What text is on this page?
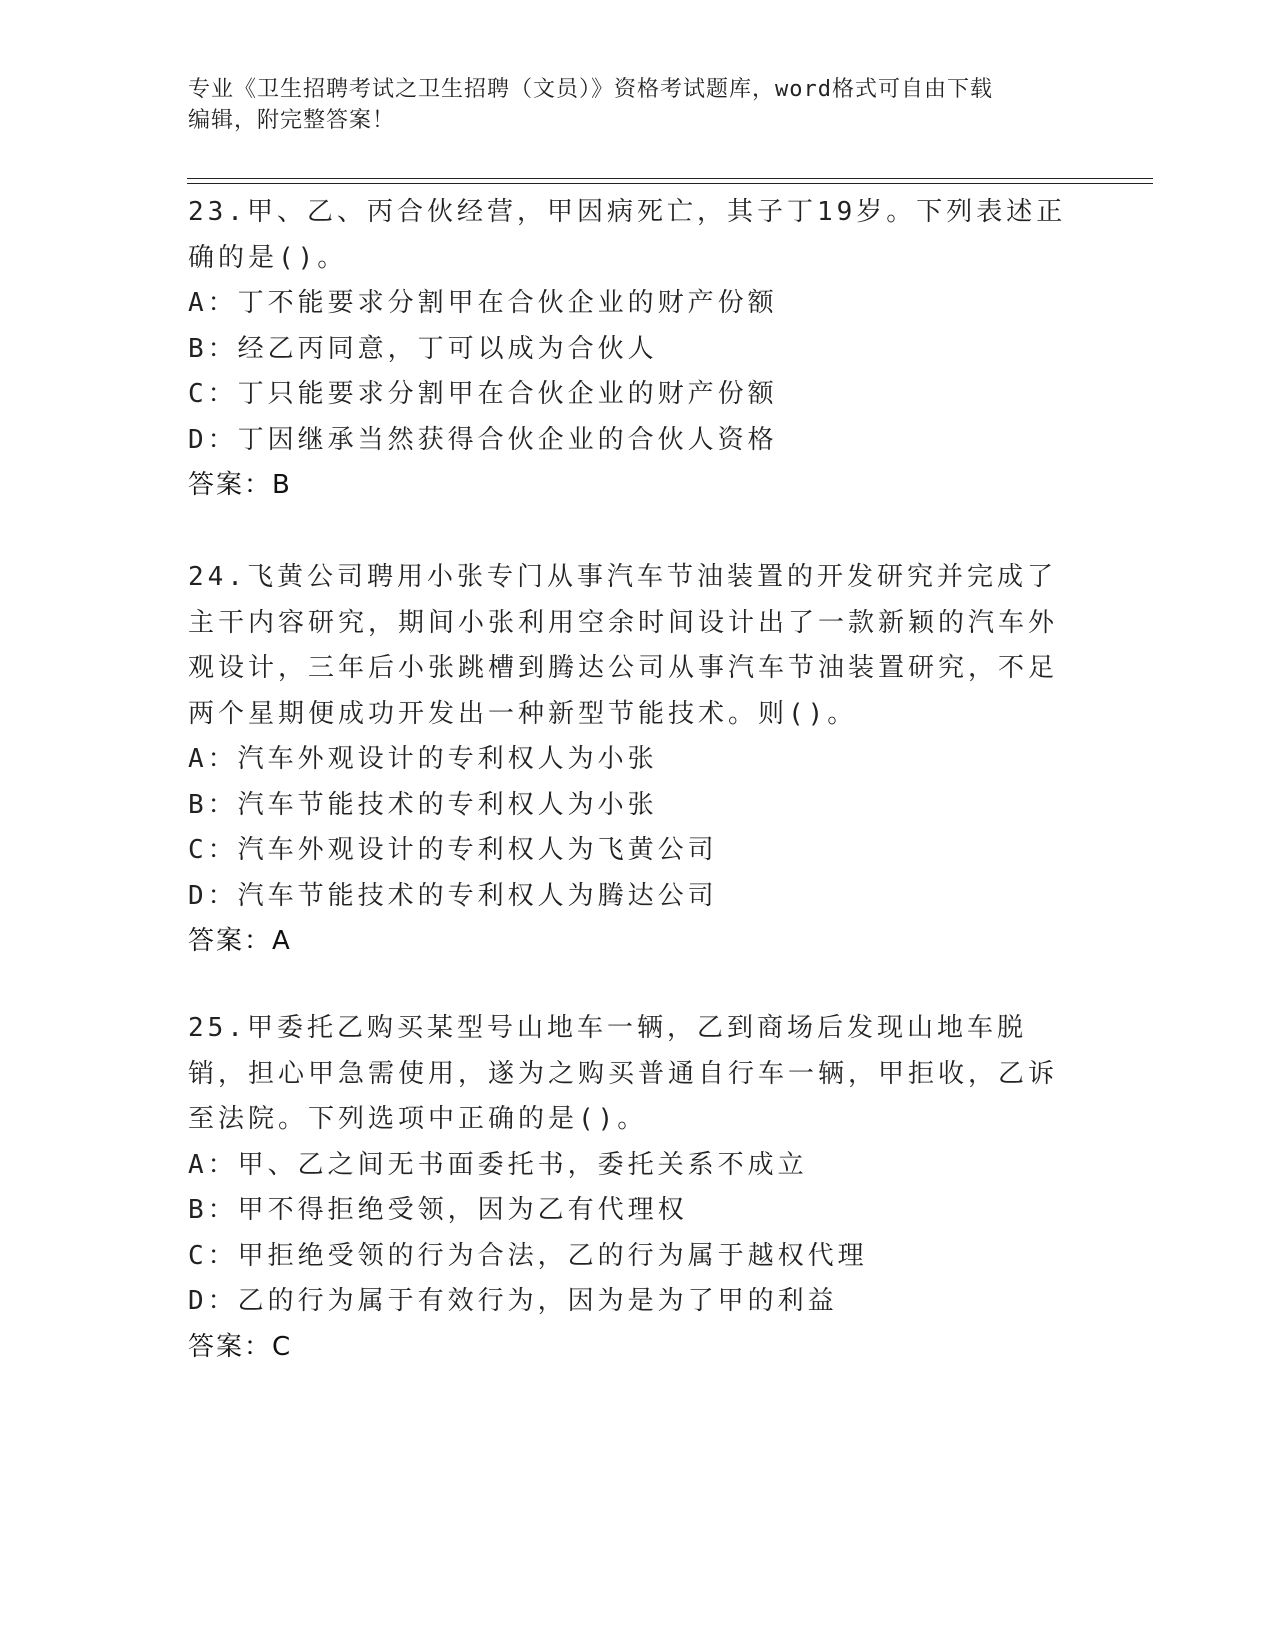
专业《卫生招聘考试之卫生招聘（文员）》资格考试题库，word格式可自由下载
编辑，附完整答案！

23.甲、乙、丙合伙经营，甲因病死亡，其子丁19岁。下列表述正确的是()。

A：丁不能要求分割甲在合伙企业的财产份额
B：经乙丙同意，丁可以成为合伙人
C：丁只能要求分割甲在合伙企业的财产份额
D：丁因继承当然获得合伙企业的合伙人资格
答案：B

24.飞黄公司聘用小张专门从事汽车节油装置的开发研究并完成了主干内容研究，期间小张利用空余时间设计出了一款新颖的汽车外观设计，三年后小张跳槽到腾达公司从事汽车节油装置研究，不足两个星期便成功开发出一种新型节能技术。则()。

A：汽车外观设计的专利权人为小张
B：汽车节能技术的专利权人为小张
C：汽车外观设计的专利权人为飞黄公司
D：汽车节能技术的专利权人为腾达公司
答案：A

25.甲委托乙购买某型号山地车一辆，乙到商场后发现山地车脱销，担心甲急需使用，遂为之购买普通自行车一辆，甲拒收，乙诉至法院。下列选项中正确的是()。

A：甲、乙之间无书面委托书，委托关系不成立
B：甲不得拒绝受领，因为乙有代理权
C：甲拒绝受领的行为合法，乙的行为属于越权代理
D：乙的行为属于有效行为，因为是为了甲的利益
答案：C
